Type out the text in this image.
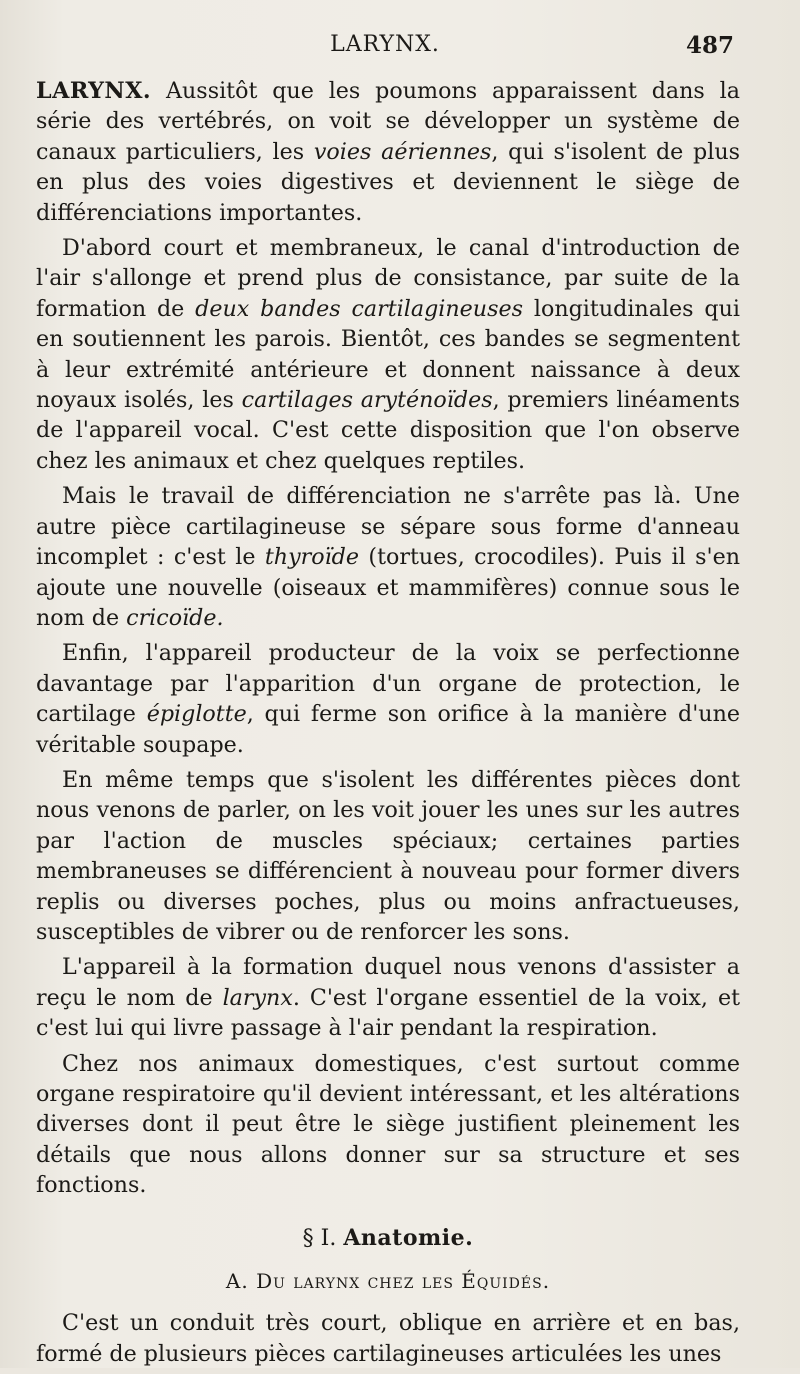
LARYNX.	487

LARYNX. Aussitôt que les poumons apparaissent dans la série des vertébrés, on voit se développer un système de canaux particuliers, les voies aériennes, qui s'isolent de plus en plus des voies digestives et deviennent le siège de différenciations importantes.

D'abord court et membraneux, le canal d'introduction de l'air s'allonge et prend plus de consistance, par suite de la formation de deux bandes cartilagineuses longitudinales qui en soutiennent les parois. Bientôt, ces bandes se segmentent à leur extrémité antérieure et donnent naissance à deux noyaux isolés, les cartilages aryténoïdes, premiers linéaments de l'appareil vocal. C'est cette disposition que l'on observe chez les animaux et chez quelques reptiles.

Mais le travail de différenciation ne s'arrête pas là. Une autre pièce cartilagineuse se sépare sous forme d'anneau incomplet : c'est le thyroïde (tortues, crocodiles). Puis il s'en ajoute une nouvelle (oiseaux et mammifères) connue sous le nom de cricoïde.

Enfin, l'appareil producteur de la voix se perfectionne davantage par l'apparition d'un organe de protection, le cartilage épiglotte, qui ferme son orifice à la manière d'une véritable soupape.

En même temps que s'isolent les différentes pièces dont nous venons de parler, on les voit jouer les unes sur les autres par l'action de muscles spéciaux; certaines parties membraneuses se différencient à nouveau pour former divers replis ou diverses poches, plus ou moins anfractueuses, susceptibles de vibrer ou de renforcer les sons.

L'appareil à la formation duquel nous venons d'assister a reçu le nom de larynx. C'est l'organe essentiel de la voix, et c'est lui qui livre passage à l'air pendant la respiration.

Chez nos animaux domestiques, c'est surtout comme organe respiratoire qu'il devient intéressant, et les altérations diverses dont il peut être le siège justifient pleinement les détails que nous allons donner sur sa structure et ses fonctions.

§ I. Anatomie.
A. Du larynx chez les Équidés.

C'est un conduit très court, oblique en arrière et en bas, formé de plusieurs pièces cartilagineuses articulées les unes
